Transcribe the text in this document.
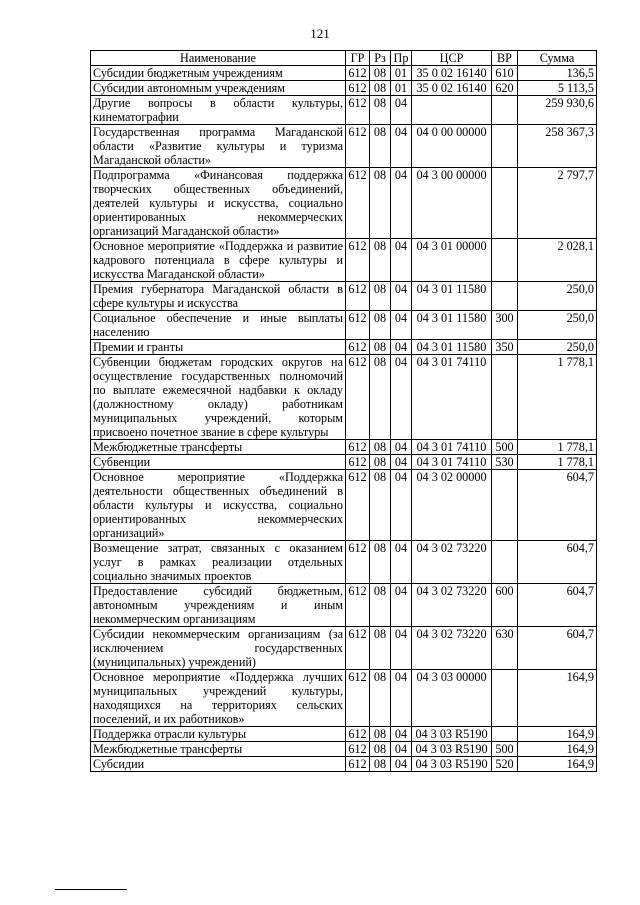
121
Наименование	ГР	Рз	Пр	ЦСР	ВР	Сумма
Субсидии бюджетным учреждениям	612	08	01	35 0 02 16140	610	136,5
Субсидии автономным учреждениям	612	08	01	35 0 02 16140	620	5 113,5
Другие вопросы в области культуры, кинематографии	612	08	04			259 930,6
Государственная программа Магаданской области «Развитие культуры и туризма Магаданской области»	612	08	04	04 0 00 00000		258 367,3
Подпрограмма «Финансовая поддержка творческих общественных объединений, деятелей культуры и искусства, социально ориентированных некоммерческих организаций Магаданской области»	612	08	04	04 3 00 00000		2 797,7
Основное мероприятие «Поддержка и развитие кадрового потенциала в сфере культуры и искусства Магаданской области»	612	08	04	04 3 01 00000		2 028,1
Премия губернатора Магаданской области в сфере культуры и искусства	612	08	04	04 3 01 11580		250,0
Социальное обеспечение и иные выплаты населению	612	08	04	04 3 01 11580	300	250,0
Премии и гранты	612	08	04	04 3 01 11580	350	250,0
Субвенции бюджетам городских округов на осуществление государственных полномочий по выплате ежемесячной надбавки к окладу (должностному окладу) работникам муниципальных учреждений, которым присвоено почетное звание в сфере культуры	612	08	04	04 3 01 74110		1 778,1
Межбюджетные трансферты	612	08	04	04 3 01 74110	500	1 778,1
Субвенции	612	08	04	04 3 01 74110	530	1 778,1
Основное мероприятие «Поддержка деятельности общественных объединений в области культуры и искусства, социально ориентированных некоммерческих организаций»	612	08	04	04 3 02 00000		604,7
Возмещение затрат, связанных с оказанием услуг в рамках реализации отдельных социально значимых проектов	612	08	04	04 3 02 73220		604,7
Предоставление субсидий бюджетным, автономным учреждениям и иным некоммерческим организациям	612	08	04	04 3 02 73220	600	604,7
Субсидии некоммерческим организациям (за исключением государственных (муниципальных) учреждений)	612	08	04	04 3 02 73220	630	604,7
Основное мероприятие «Поддержка лучших муниципальных учреждений культуры, находящихся на территориях сельских поселений, и их работников»	612	08	04	04 3 03 00000		164,9
Поддержка отрасли культуры	612	08	04	04 3 03 R5190		164,9
Межбюджетные трансферты	612	08	04	04 3 03 R5190	500	164,9
Субсидии	612	08	04	04 3 03 R5190	520	164,9
